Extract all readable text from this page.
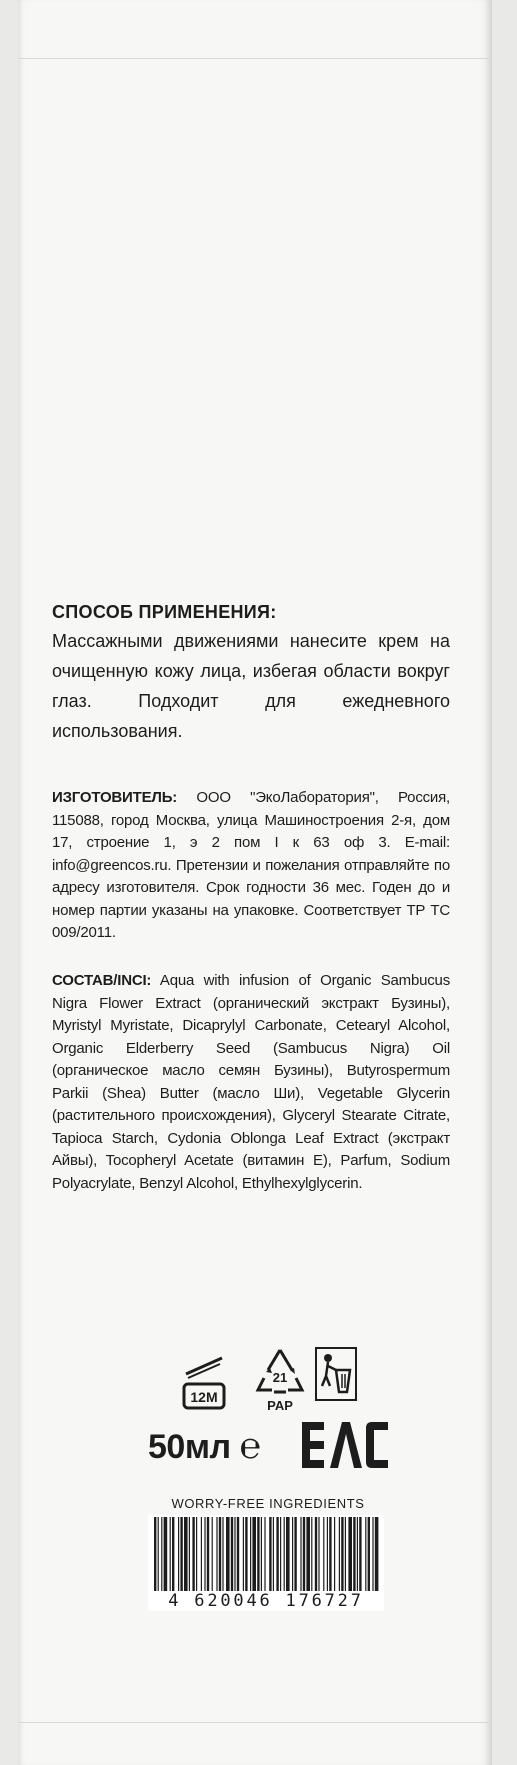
СПОСОБ ПРИМЕНЕНИЯ:
Массажными движениями нанесите крем на очищенную кожу лица, избегая области вокруг глаз. Подходит для ежедневного использования.
ИЗГОТОВИТЕЛЬ: ООО "ЭкоЛаборатория", Россия, 115088, город Москва, улица Машиностроения 2-я, дом 17, строение 1, э 2 пом I к 63 оф 3. E-mail: info@greencos.ru. Претензии и пожелания отправляйте по адресу изготовителя. Срок годности 36 мес. Годен до и номер партии указаны на упаковке. Соответствует ТР ТС 009/2011.
СОСТАВ/INCI: Aqua with infusion of Organic Sambucus Nigra Flower Extract (органический экстракт Бузины), Myristyl Myristate, Dicaprylyl Carbonate, Cetearyl Alcohol, Organic Elderberry Seed (Sambucus Nigra) Oil (органическое масло семян Бузины), Butyrospermum Parkii (Shea) Butter (масло Ши), Vegetable Glycerin (растительного происхождения), Glyceryl Stearate Citrate, Tapioca Starch, Cydonia Oblonga Leaf Extract (экстракт Айвы), Tocopheryl Acetate (витамин Е), Parfum, Sodium Polyacrylate, Benzyl Alcohol, Ethylhexylglycerin.
12M
21
PAP
50мл ℮
WORRY-FREE INGREDIENTS
4 620046 176727
